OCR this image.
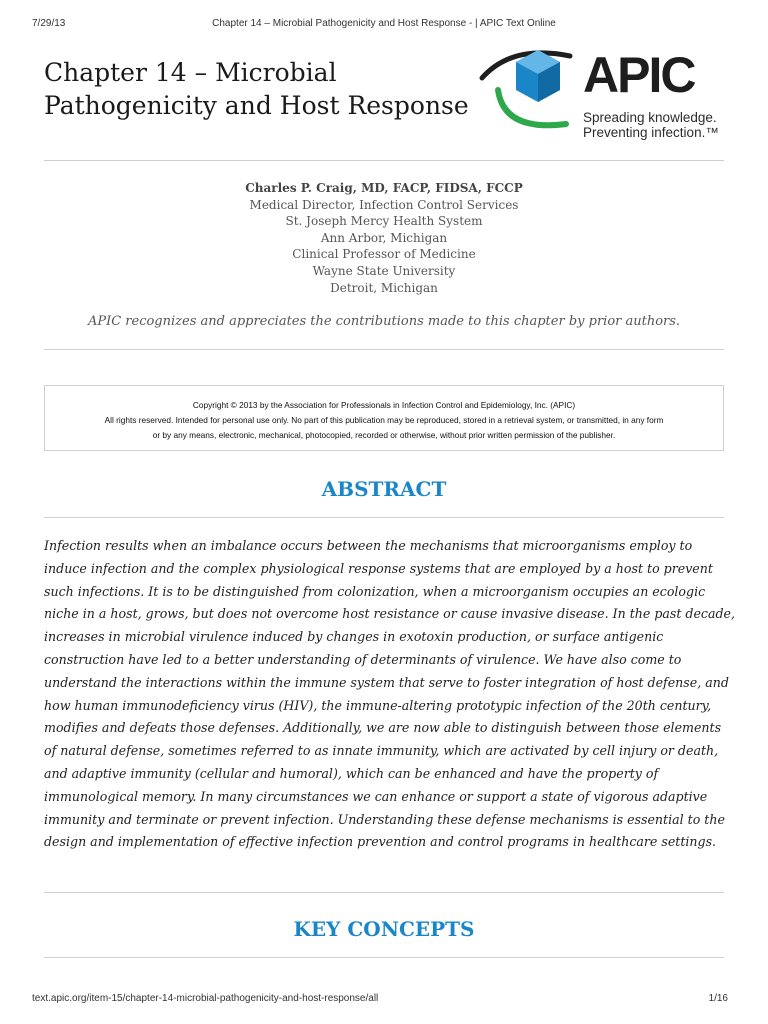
7/29/13	Chapter 14 – Microbial Pathogenicity and Host Response - | APIC Text Online
Chapter 14 – Microbial
Pathogenicity and Host Response
APIC
Spreading knowledge.
Preventing infection.™
Charles P. Craig, MD, FACP, FIDSA, FCCP
Medical Director, Infection Control Services
St. Joseph Mercy Health System
Ann Arbor, Michigan
Clinical Professor of Medicine
Wayne State University
Detroit, Michigan
APIC recognizes and appreciates the contributions made to this chapter by prior authors.
Copyright © 2013 by the Association for Professionals in Infection Control and Epidemiology, Inc. (APIC)
All rights reserved. Intended for personal use only. No part of this publication may be reproduced, stored in a retrieval system, or transmitted, in any form
or by any means, electronic, mechanical, photocopied, recorded or otherwise, without prior written permission of the publisher.
ABSTRACT

Infection results when an imbalance occurs between the mechanisms that microorganisms employ to induce infection and the complex physiological response systems that are employed by a host to prevent such infections. It is to be distinguished from colonization, when a microorganism occupies an ecologic niche in a host, grows, but does not overcome host resistance or cause invasive disease. In the past decade, increases in microbial virulence induced by changes in exotoxin production, or surface antigenic construction have led to a better understanding of determinants of virulence. We have also come to understand the interactions within the immune system that serve to foster integration of host defense, and how human immunodeficiency virus (HIV), the immune-altering prototypic infection of the 20th century, modifies and defeats those defenses. Additionally, we are now able to distinguish between those elements of natural defense, sometimes referred to as innate immunity, which are activated by cell injury or death, and adaptive immunity (cellular and humoral), which can be enhanced and have the property of immunological memory. In many circumstances we can enhance or support a state of vigorous adaptive immunity and terminate or prevent infection. Understanding these defense mechanisms is essential to the design and implementation of effective infection prevention and control programs in healthcare settings.

KEY CONCEPTS
text.apic.org/item-15/chapter-14-microbial-pathogenicity-and-host-response/all	1/16
